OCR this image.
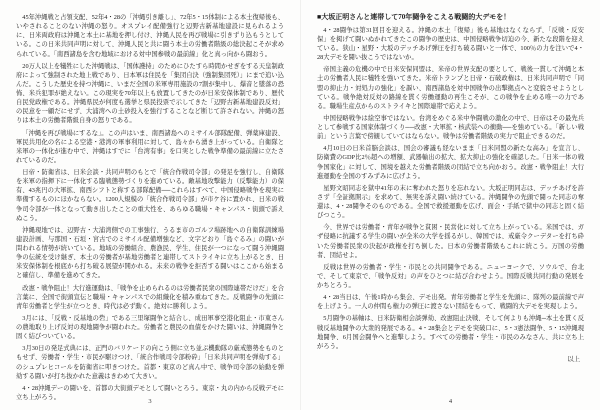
45年沖縄戦と占領支配、52年4・28の「沖縄引き離し」、72年5・15体制による本土復帰後も、いやされることのない沖縄の怒り。オスプレイ配備強行と辺野古新基地建設に見られるように、日米両政府は沖縄と本土に基地を押し付け、沖縄人民を再び戦場に引きずり込もうとしている。この日米共同声明に対して、沖縄人民と共に闘う本土の労働者階級の総決起こそが求められている。「南西諸島を含む地域における対中国参戦の最前線」化と真っ向から闘おう。

20万人以上を犠牲にした沖縄戦は、「国体護持」のためにひたすら時間かせぎをする天皇制政府によって強制された地上戦であり、日本軍は住民を「集団自決（強制集団死）」にまで追い込んだ。こうした歴史を持つ沖縄に、いまだ全国の米軍専用施設の7割が集中し、爆音と墜落の恐怖、米兵犯罪が絶えない。この現実を70年以上も放置してきたのが日米安保体制であり、歴代自民党政権である。沖縄県民が何度も選挙と県民投票で示してきた「辺野古新基地建設反対」の民意を一顧だにせず、大浦湾への土砂投入を強行することなど断じて許されない。沖縄の怒りは本土の労働者階級自身の怒りである。

「沖縄を再び戦場にするな」。この声はいま、南西諸島へのミサイル部隊配備、弾薬庫建設、軍民共用化の名による空港・港湾の軍事利用に対して、島々から湧き上がっている。自衛隊と米軍の一体化が進む中で、沖縄はすでに「台湾有事」を口実とした戦争準備の最前線に立たされているのだ。

日帝・防衛省は、日米会談・共同声明のもとで「統合作戦司令部」の発足を強行し、自衛隊を米軍の指揮下に一体化する臨戦態勢づくりを進めている。敵基地攻撃能力（反撃能力）の保有、43兆円の大軍拡、南西シフトと称する部隊配備──これらはすべて、中国侵略戦争を現実に準備するものにほかならない。1200人規模の「統合作戦司令部」が市ケ谷に置かれ、日米の戦争司令部が一体となって動き出したことの重大性を、あらゆる職場・キャンパス・街頭で訴えぬこう。

沖縄現地では、辺野古・大浦湾側での工事強行、うるま市のゴルフ場跡地への自衛隊訓練場建設計画、与那国・石垣・宮古でのミサイル配備増強など、文字どおり「島ぐるみ」の闘いが問われる情勢が続いている。地域の労働組合、農漁民、学生、住民が一つになって闘う沖縄闘争の伝統を受け継ぎ、本土の労働者が基地労働者と連帯してストライキに立ち上がるとき、日米安保体制を根底から打ち破る展望が開かれる。未来の戦争を拒否する闘いはここから始まると確信し、準備を進めてきた。

改憲・戦争阻止！大行進運動は、「戦争を止められるのは労働者民衆の国際連帯だけだ」を合言葉に、全国で街頭宣伝と職場・キャンパスでの組織化を積み重ねてきた。反戦闘争の先頭に青年労働者と学生が立つとき、時代は必ず動く。絶対に勝利しよう。

3月には、「反戦・反基地の砦」である三里塚闘争と結合し、成田軍事空港化阻止・市東さんの農地取り上げ反対の現地闘争が闘われた。労働者と農民の血債をかけた闘いは、沖縄闘争と固く結びついている。

3月30日の発足式典には、正門のバリケードの向こう側に立ち並ぶ機動隊の厳戒態勢をものともせず、労働者・学生・市民が駆けつけ、「統合作戦司令部粉砕」「日米共同声明を弾劾する」のシュプレヒコールを防衛省に叩きつけた。首都・東京のど真ん中で、戦争司令部の始動を弾劾する闘いが打ち抜かれた意義はきわめて大きい。

4・28沖縄デーの闘いを、首都の大街頭デモとして闘いとろう。東京・丸の内から反戦デモに立ち上がろう。

3
■大坂正明さんと連帯して70年闘争をこえる戦闘的大デモを！

4・28闘争は第31回目を迎える。沖縄の本土「復帰」後も基地はなくならず、「反戦・反安保」を掲げて闘いぬかれてきたこの闘争の歴史は、中国侵略戦争切迫の今、新たな段階を迎えている。狭山・星野・大坂のデッチあげ弾圧を打ち破る闘いと一体で、100％の力を注いで4・28大デモを闘い抜こうではないか。

帝国主義の危機の中で日米安保同盟は、米帝の世界支配の要として、戦後一貫して沖縄と本土の労働者人民に犠牲を強いてきた。米帝トランプと日帝・石破政権は、日米共同声明で「同盟の抑止力・対処力の強化」を謳い、南西諸島を対中国戦争の出撃拠点へと変貌させようとしている。戦争絶対反対の路線を貫く労働運動の再生こそが、この戦争を止める唯一の力である。職場生産点からのストライキと国際連帯で応えよう。

中国侵略戦争は絵空事ではない。台湾をめぐる米中争闘戦の激化の中で、日帝はその最先兵として参戦する国家体制づくり──改憲・大軍拡・核武装への衝動──を強めている。「新しい戦前」という言葉で傍観していてはならない。戦争は労働者階級の実力で阻止できるのだ。

4月10日の日米首脳会談は、国会の審議も経ないまま「日米同盟の新たな高み」を宣言し、防衛費のGDP比2％超への増額、武器輸出の拡大、拡大抑止の強化を確認した。「日米一体の戦争国家化」に対して、国境を越えた労働者階級の団結で立ち向かおう。改憲・戦争阻止！大行進運動を全国のすみずみに広げよう。

星野文昭同志を獄中41年の末に奪われた怒りを忘れない。大坂正明同志は、デッチあげを許さず「全証拠開示」を求めて、無実を訴え闘い続けている。沖縄闘争の先頭で闘った同志の奪還は、4・28闘争そのものである。全国で救援運動を広げ、面会・手紙で獄中の同志と固く結びつこう。

今、世界では労働者・青年が戦争と貧困・民営化に対して立ち上がっている。米国では、ガザ侵略に抗議する学生の闘いが全米の大学を揺るがし、韓国では、戒厳令クーデターを打ち砕いた労働者民衆の決起が政権を打ち倒した。日本の労働者階級もこれに続こう。万国の労働者、団結せよ。

反戦は世界の労働者・学生・市民との共同闘争である。ニューヨークで、ソウルで、台北で、そして東京で、「戦争反対」の声をひとつに結び合わせよう。国際反戦共同行動の発展をかちとろう。

4・28当日は、午後1時から集会、デモ出発。青年労働者と学生を先頭に、隊列の最前線で声を上げよう。一人の仲間も権力の弾圧に渡さない団結をもって、戦闘的大デモを実現しよう。

5月闘争の基軸は、日米防衛相会談弾劾、改憲阻止決戦、そして何よりも沖縄─本土を貫く反戦反基地闘争の大衆的発展である。4・28集会とデモを突破口に、5・3憲法闘争、5・15沖縄現地闘争、6月国会闘争へと進撃しよう。すべての労働者・学生・市民のみなさん、共に立ち上がろう。

以上
4
